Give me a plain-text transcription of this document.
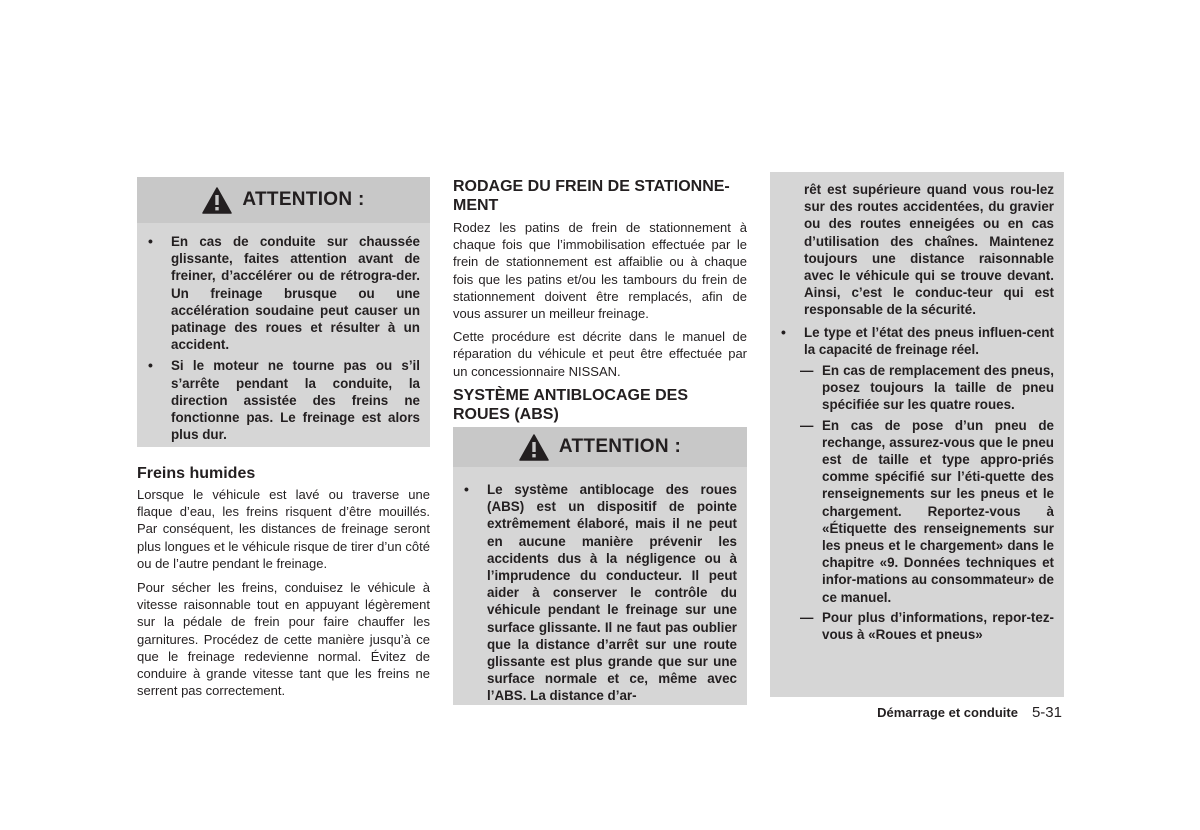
ATTENTION :

• En cas de conduite sur chaussée glissante, faites attention avant de freiner, d’accélérer ou de rétrogra-der. Un freinage brusque ou une accélération soudaine peut causer un patinage des roues et résulter à un accident.

• Si le moteur ne tourne pas ou s’il s’arrête pendant la conduite, la direction assistée des freins ne fonctionne pas. Le freinage est alors plus dur.

Freins humides

Lorsque le véhicule est lavé ou traverse une flaque d’eau, les freins risquent d’être mouillés. Par conséquent, les distances de freinage seront plus longues et le véhicule risque de tirer d’un côté ou de l’autre pendant le freinage.

Pour sécher les freins, conduisez le véhicule à vitesse raisonnable tout en appuyant légèrement sur la pédale de frein pour faire chauffer les garnitures. Procédez de cette manière jusqu’à ce que le freinage redevienne normal. Évitez de conduire à grande vitesse tant que les freins ne serrent pas correctement.

RODAGE DU FREIN DE STATIONNE-MENT

Rodez les patins de frein de stationnement à chaque fois que l’immobilisation effectuée par le frein de stationnement est affaiblie ou à chaque fois que les patins et/ou les tambours du frein de stationnement doivent être remplacés, afin de vous assurer un meilleur freinage.

Cette procédure est décrite dans le manuel de réparation du véhicule et peut être effectuée par un concessionnaire NISSAN.

SYSTÈME ANTIBLOCAGE DES ROUES (ABS)
ATTENTION :

• Le système antiblocage des roues (ABS) est un dispositif de pointe extrêmement élaboré, mais il ne peut en aucune manière prévenir les accidents dus à la négligence ou à l’imprudence du conducteur. Il peut aider à conserver le contrôle du véhicule pendant le freinage sur une surface glissante. Il ne faut pas oublier que la distance d’arrêt sur une route glissante est plus grande que sur une surface normale et ce, même avec l’ABS. La distance d’ar-

rêt est supérieure quand vous rou-lez sur des routes accidentées, du gravier ou des routes enneigées ou en cas d’utilisation des chaînes. Maintenez toujours une distance raisonnable avec le véhicule qui se trouve devant. Ainsi, c’est le conduc-teur qui est responsable de la sécurité.

• Le type et l’état des pneus influen-cent la capacité de freinage réel.

— En cas de remplacement des pneus, posez toujours la taille de pneu spécifiée sur les quatre roues.

— En cas de pose d’un pneu de rechange, assurez-vous que le pneu est de taille et type appro-priés comme spécifié sur l’éti-quette des renseignements sur les pneus et le chargement. Reportez-vous à «Étiquette des renseignements sur les pneus et le chargement» dans le chapitre «9. Données techniques et infor-mations au consommateur» de ce manuel.

— Pour plus d’informations, repor-tez-vous à «Roues et pneus»

Démarrage et conduite 5-31
